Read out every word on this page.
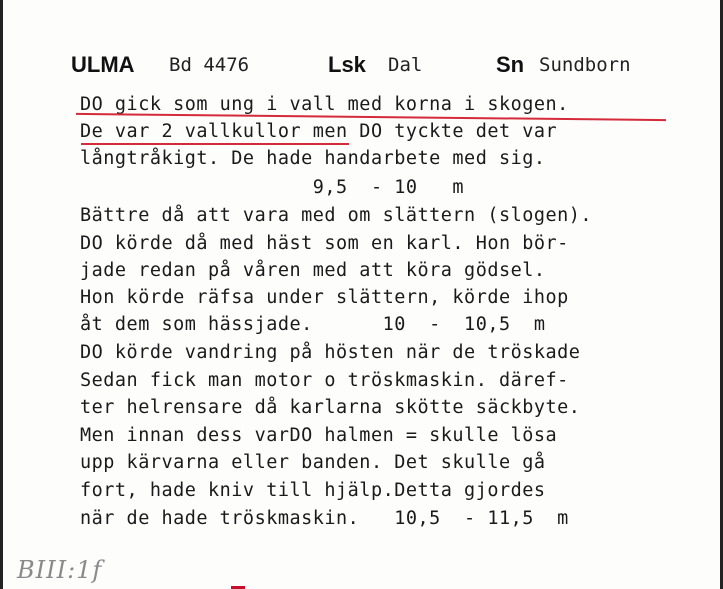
ULMA Bd 4476	Lsk Dal	Sn Sundborn
DO gick som ung i vall med korna i skogen.
De var 2 vallkullor men DO tyckte det var
långtråkigt. De hade handarbete med sig.
9,5  - 10   m
Bättre då att vara med om slättern (slogen).
DO körde då med häst som en karl. Hon bör-
jade redan på våren med att köra gödsel.
Hon körde räfsa under slättern, körde ihop
åt dem som hässjade.      10  -  10,5  m
DO körde vandring på hösten när de tröskade
Sedan fick man motor o tröskmaskin. däref-
ter helrensare då karlarna skötte säckbyte.
Men innan dess varDO halmen = skulle lösa
upp kärvarna eller banden. Det skulle gå
fort, hade kniv till hjälp.Detta gjordes
när de hade tröskmaskin.   10,5  - 11,5  m
BIII:1f
